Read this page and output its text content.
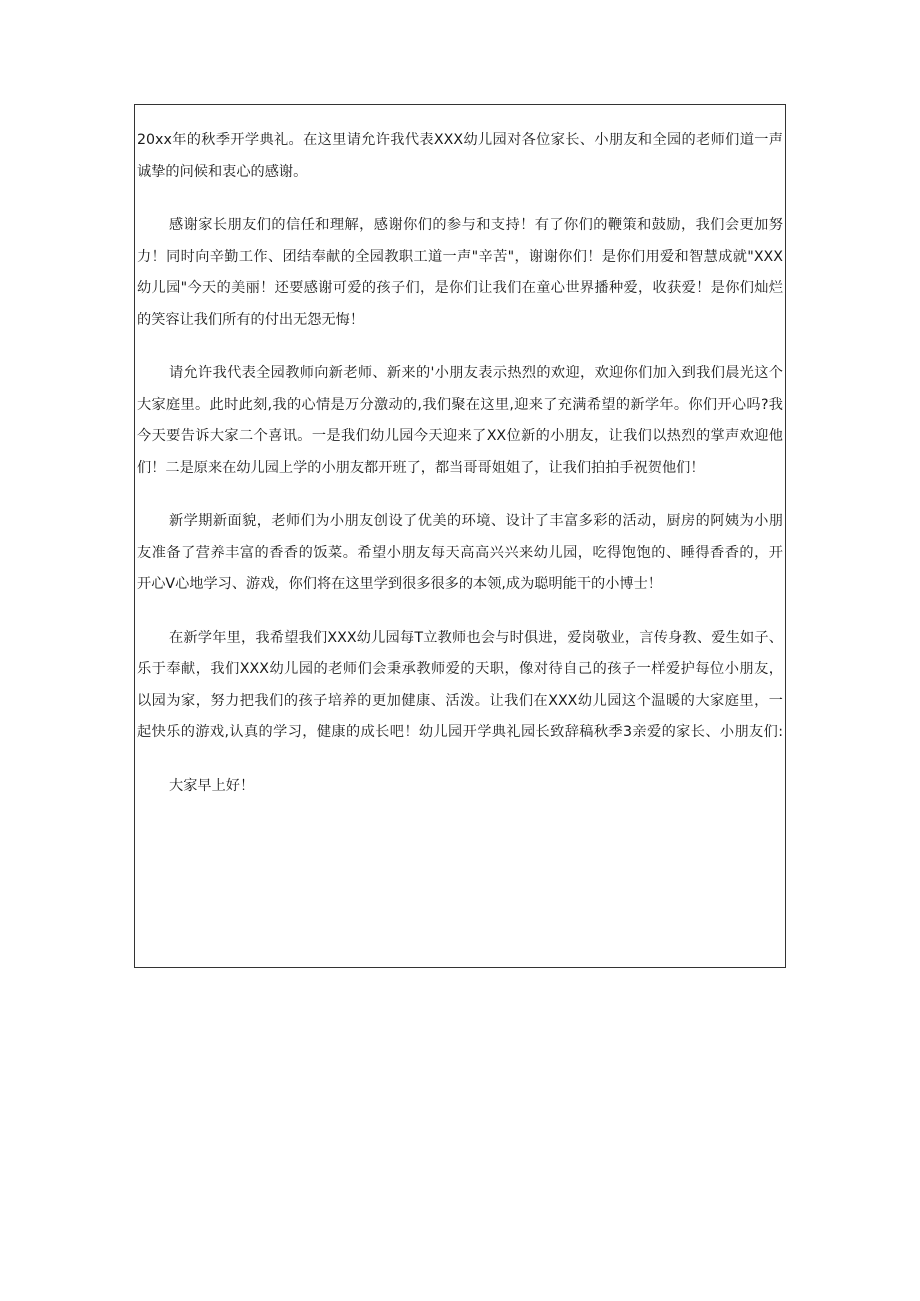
20xx年的秋季开学典礼。在这里请允许我代表XXX幼儿园对各位家长、小朋友和全园的老师们道一声
诚挚的问候和衷心的感谢。
感谢家长朋友们的信任和理解，感谢你们的参与和支持！有了你们的鞭策和鼓励，我们会更加努
力！同时向辛勤工作、团结奉献的全园教职工道一声"辛苦"，谢谢你们！是你们用爱和智慧成就"XXX
幼儿园"今天的美丽！还要感谢可爱的孩子们，是你们让我们在童心世界播种爱，收获爱！是你们灿烂
的笑容让我们所有的付出无怨无悔！
请允许我代表全园教师向新老师、新来的'小朋友表示热烈的欢迎，欢迎你们加入到我们晨光这个
大家庭里。此时此刻,我的心情是万分激动的,我们聚在这里,迎来了充满希望的新学年。你们开心吗?我
今天要告诉大家二个喜讯。一是我们幼儿园今天迎来了XX位新的小朋友，让我们以热烈的掌声欢迎他
们！二是原来在幼儿园上学的小朋友都开班了，都当哥哥姐姐了，让我们拍拍手祝贺他们！
新学期新面貌，老师们为小朋友创设了优美的环境、设计了丰富多彩的活动，厨房的阿姨为小朋
友准备了营养丰富的香香的饭菜。希望小朋友每天高高兴兴来幼儿园，吃得饱饱的、睡得香香的，开
开心V心地学习、游戏，你们将在这里学到很多很多的本领,成为聪明能干的小博士！
在新学年里，我希望我们XXX幼儿园每T立教师也会与时俱进，爱岗敬业，言传身教、爱生如子、
乐于奉献，我们XXX幼儿园的老师们会秉承教师爱的天职，像对待自己的孩子一样爱护每位小朋友，
以园为家，努力把我们的孩子培养的更加健康、活泼。让我们在XXX幼儿园这个温暖的大家庭里，一
起快乐的游戏,认真的学习，健康的成长吧！幼儿园开学典礼园长致辞稿秋季3亲爱的家长、小朋友们:
大家早上好！
